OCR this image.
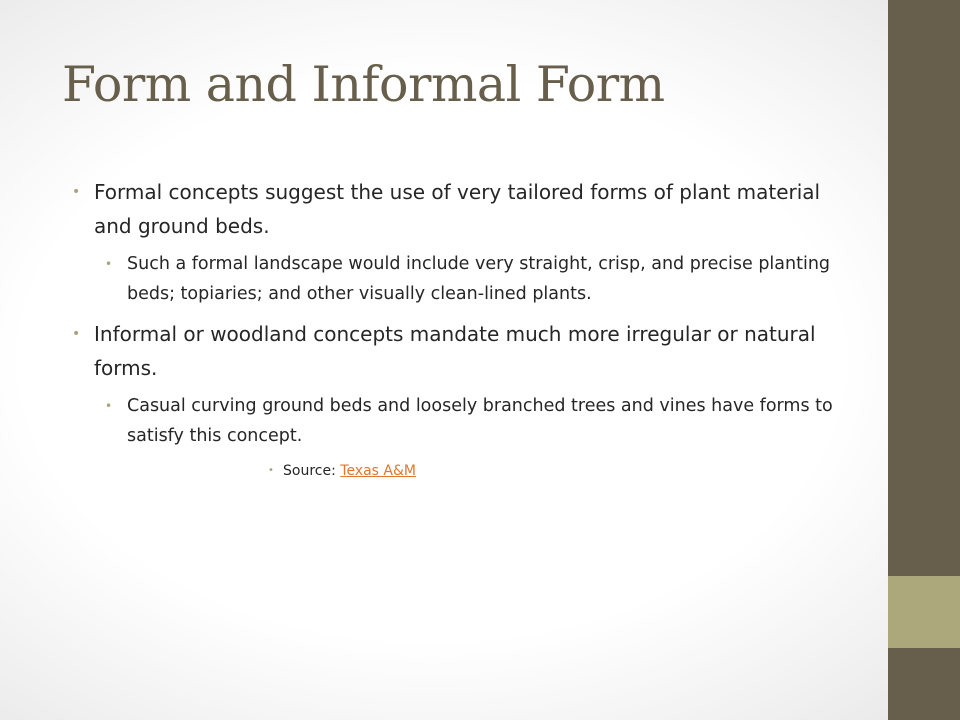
Form and Informal Form
• Formal concepts suggest the use of very tailored forms of plant material and ground beds.
• Such a formal landscape would include very straight, crisp, and precise planting beds; topiaries; and other visually clean-lined plants.
• Informal or woodland concepts mandate much more irregular or natural forms.
• Casual curving ground beds and loosely branched trees and vines have forms to satisfy this concept.
• Source: Texas A&M
